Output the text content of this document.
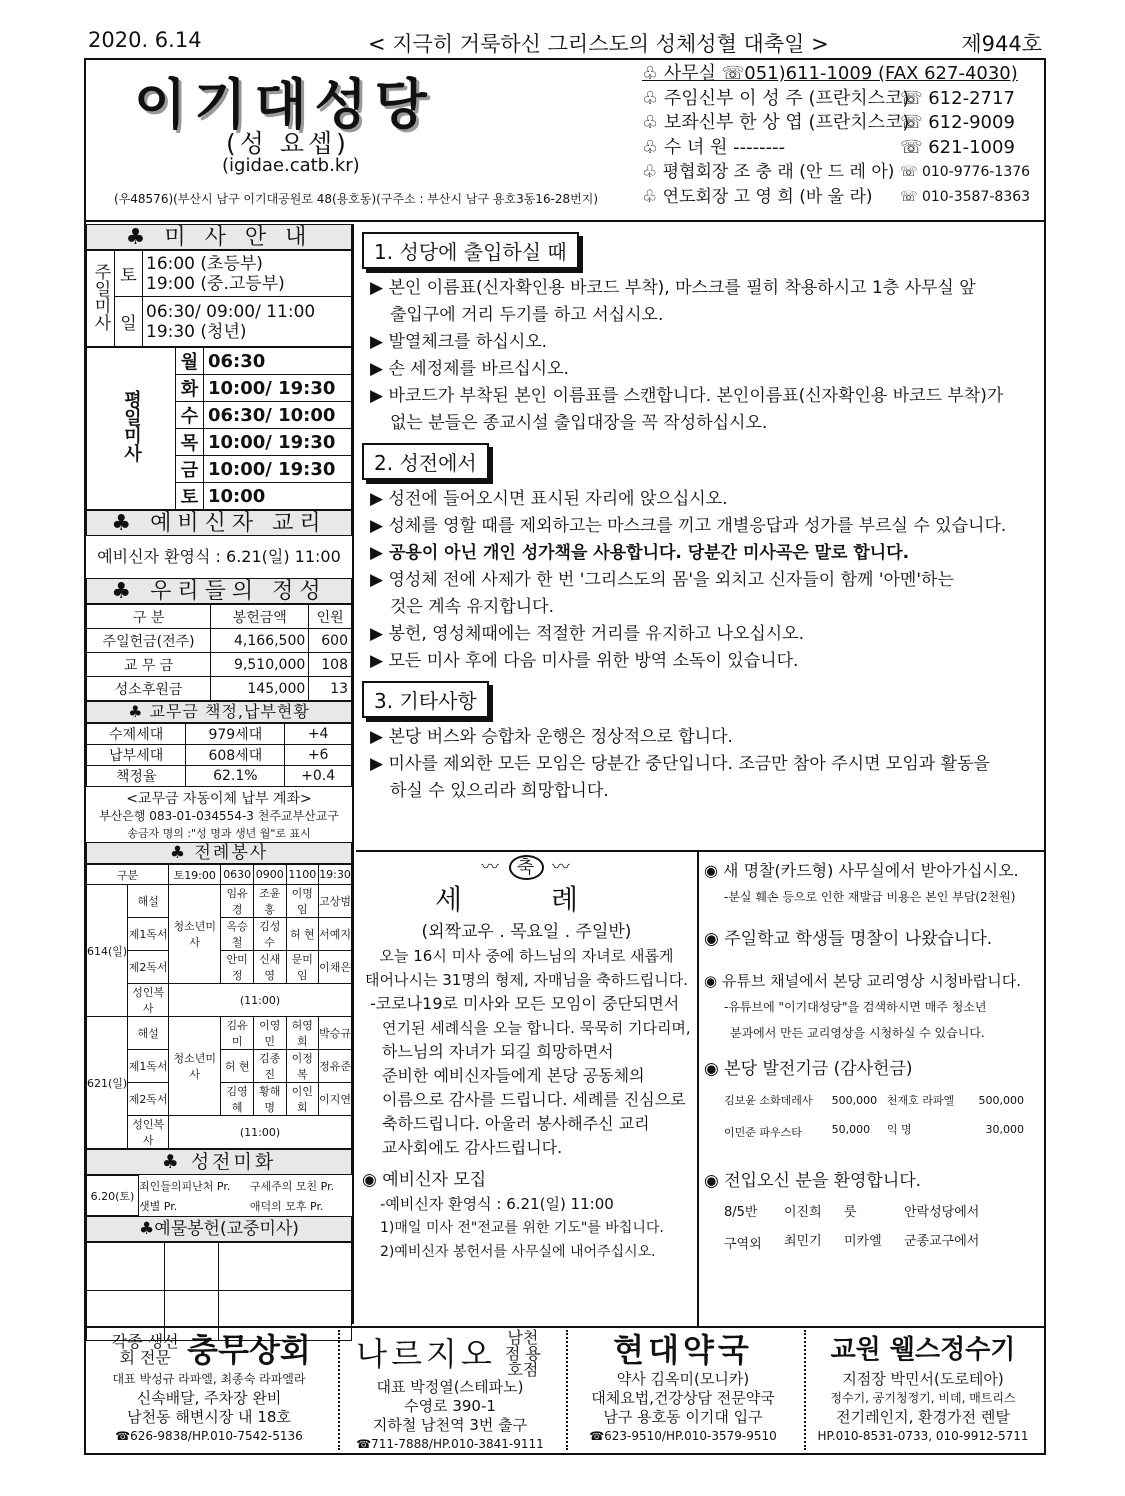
2020. 6.14	< 지극히 거룩하신 그리스도의 성체성혈 대축일 >	제944호
이기대성당
(성 요셉)
(igidae.catb.kr)
(우48576)(부산시 남구 이기대공원로 48(용호동)(구주소 : 부산시 남구 용호3동16-28번지)
♧ 사무실 ☏051)611-1009 (FAX 627-4030)
♧ 주임신부 이 성 주 (프란치스코)
☏ 612-2717
♧ 보좌신부 한 상 엽 (프란치스코)
☏ 612-9009
♧ 수 녀 원 --------	☏ 621-1009
♧ 평협회장 조 충 래 (안 드 레 아) ☏ 010-9776-1376
♧ 연도회장 고 영 희 (바 울 라) ☏ 010-3587-8363
♣ 미 사 안 내
주일미사	토	16:00 (초등부)
19:00 (중.고등부)
	일	06:30/ 09:00/ 11:00
19:30 (청년)
평일미사	월	06:30
	화	10:00/ 19:30
	수	06:30/ 10:00
	목	10:00/ 19:30
	금	10:00/ 19:30
	토	10:00
♣ 예비신자 교리
예비신자 환영식 : 6.21(일) 11:00
♣ 우리들의 정성
구 분	봉헌금액	인원
주일헌금(전주)	4,166,500	600
교 무 금	9,510,000	108
성소후원금	145,000	13
♣ 교무금 책정,납부현황
수제세대	979세대	+4
납부세대	608세대	+6
책정율	62.1%	+0.4
<교무금 자동이체 납부 계좌>
부산은행 083-01-034554-3 천주교부산교구
송금자 명의 :"성 명과 생년 월"로 표시
♣ 전례봉사
구분		토19:00	0630	0900	1100	19:30
614(일)	해설	청소년미사	임유경	조윤홍	이명임	고상범
	제1독서		옥승철	김성수	허 현	서예지
	제2독서		안미정	신새영	문미임	이채은
	성인복사	(11:00)				
621(일)	해설	청소년미사	김유미	이영민	허영희	박승규
	제1독서		허 현	김종진	이정복	정유준
	제2독서		김영혜	황해명	이인회	이지연
	성인복사	(11:00)				
♣ 성전미화
6.20(토)	죄인들의피난처 Pr.	구세주의 모친 Pr.
	샛별 Pr.	애덕의 모후 Pr.
♣예물봉헌(교중미사)

1. 성당에 출입하실 때
▶ 본인 이름표(신자확인용 바코드 부착), 마스크를 필히 착용하시고 1층 사무실 앞
출입구에 거리 두기를 하고 서십시오.
▶ 발열체크를 하십시오.
▶ 손 세정제를 바르십시오.
▶ 바코드가 부착된 본인 이름표를 스캔합니다. 본인이름표(신자확인용 바코드 부착)가
없는 분들은 종교시설 출입대장을 꼭 작성하십시오.
2. 성전에서
▶ 성전에 들어오시면 표시된 자리에 앉으십시오.
▶ 성체를 영할 때를 제외하고는 마스크를 끼고 개별응답과 성가를 부르실 수 있습니다.
▶ 공용이 아닌 개인 성가책을 사용합니다. 당분간 미사곡은 말로 합니다.
▶ 영성체 전에 사제가 한 번 '그리스도의 몸'을 외치고 신자들이 함께 '아멘'하는
것은 계속 유지합니다.
▶ 봉헌, 영성체때에는 적절한 거리를 유지하고 나오십시오.
▶ 모든 미사 후에 다음 미사를 위한 방역 소독이 있습니다.
3. 기타사항
▶ 본당 버스와 승합차 운행은 정상적으로 합니다.
▶ 미사를 제외한 모든 모임은 당분간 중단입니다. 조금만 참아 주시면 모임과 활동을
하실 수 있으리라 희망합니다.
〰 축 〰
세 례
(외짝교우 . 목요일 . 주일반)
오늘 16시 미사 중에 하느님의 자녀로 새롭게
태어나시는 31명의 형제, 자매님을 축하드립니다.
-코로나19로 미사와 모든 모임이 중단되면서
연기된 세례식을 오늘 합니다. 묵묵히 기다리며,
하느님의 자녀가 되길 희망하면서
준비한 예비신자들에게 본당 공동체의
이름으로 감사를 드립니다. 세례를 진심으로
축하드립니다. 아울러 봉사해주신 교리
교사회에도 감사드립니다.
◉ 예비신자 모집
-예비신자 환영식 : 6.21(일) 11:00
1)매일 미사 전"전교를 위한 기도"를 바칩니다.
2)예비신자 봉헌서를 사무실에 내어주십시오.
◉ 새 명찰(카드형) 사무실에서 받아가십시오.
-분실 훼손 등으로 인한 재발급 비용은 본인 부담(2천원)
◉ 주일학교 학생들 명찰이 나왔습니다.
◉ 유튜브 채널에서 본당 교리영상 시청바랍니다.
-유튜브에 "이기대성당"을 검색하시면 매주 청소년
분과에서 만든 교리영상을 시청하실 수 있습니다.
◉ 본당 발전기금 (감사헌금)
김보윤 소화데레사	500,000	천재호 라파엘	500,000
이민준 파우스타	50,000	익 명	30,000
◉ 전입오신 분을 환영합니다.
8/5반	이진희	룻	안락성당에서
구역외	최민기	미카엘	군종교구에서
각종 생선회 전문 충무상회
대표 박성규 라파엘, 최종숙 라파엘라
신속배달, 주차장 완비
남천동 해변시장 내 18호
☎626-9838/HP.010-7542-5136
나르지오 남천점 용호점
대표 박정열(스테파노)
수영로 390-1
지하철 남천역 3번 출구
☎711-7888/HP.010-3841-9111
현대약국
약사 김옥미(모니카)
대체요법,건강상담 전문약국
남구 용호동 이기대 입구
☎623-9510/HP.010-3579-9510
교원 웰스정수기
지점장 박민서(도로테아)
정수기, 공기청정기, 비데, 매트리스
전기레인지, 환경가전 렌탈
HP.010-8531-0733, 010-9912-5711
